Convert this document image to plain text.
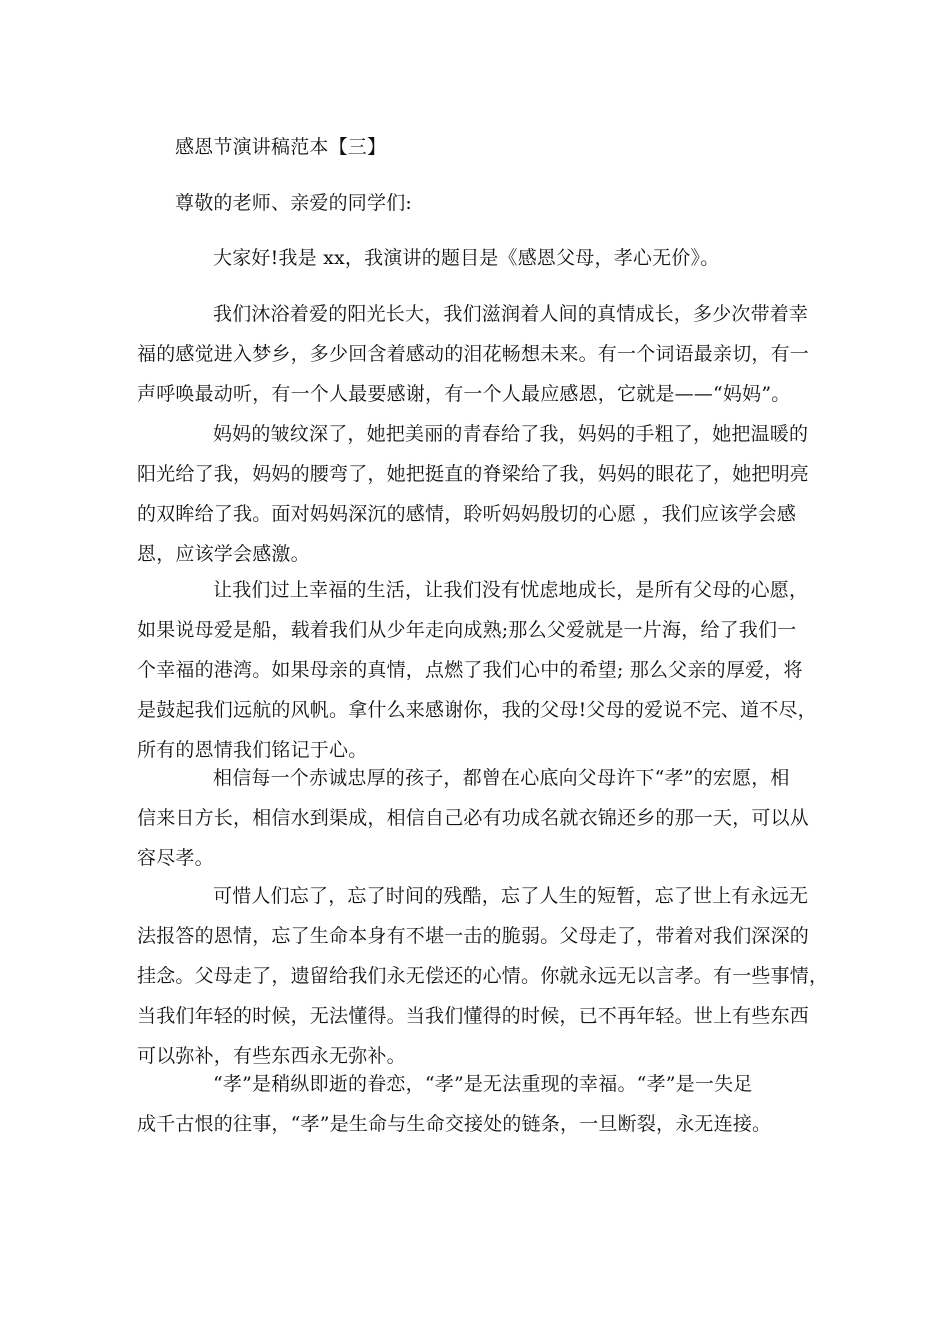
感恩节演讲稿范本【三】
尊敬的老师、亲爱的同学们:
大家好!我是 xx，我演讲的题目是《感恩父母，孝心无价》。
我们沐浴着爱的阳光长大，我们滋润着人间的真情成长，多少次带着幸
福的感觉进入梦乡，多少回含着感动的泪花畅想未来。有一个词语最亲切，有一
声呼唤最动听，有一个人最要感谢，有一个人最应感恩，它就是——“妈妈”。
妈妈的皱纹深了，她把美丽的青春给了我，妈妈的手粗了，她把温暖的
阳光给了我，妈妈的腰弯了，她把挺直的脊梁给了我，妈妈的眼花了，她把明亮
的双眸给了我。面对妈妈深沉的感情，聆听妈妈殷切的心愿 ，我们应该学会感
恩，应该学会感激。
让我们过上幸福的生活，让我们没有忧虑地成长，是所有父母的心愿，
如果说母爱是船，载着我们从少年走向成熟;那么父爱就是一片海，给了我们一
个幸福的港湾。如果母亲的真情，点燃了我们心中的希望; 那么父亲的厚爱，将
是鼓起我们远航的风帆。拿什么来感谢你，我的父母!父母的爱说不完、道不尽，
所有的恩情我们铭记于心。
相信每一个赤诚忠厚的孩子，都曾在心底向父母许下“孝”的宏愿，相
信来日方长，相信水到渠成，相信自己必有功成名就衣锦还乡的那一天，可以从
容尽孝。
可惜人们忘了，忘了时间的残酷，忘了人生的短暂，忘了世上有永远无
法报答的恩情，忘了生命本身有不堪一击的脆弱。父母走了，带着对我们深深的
挂念。父母走了，遗留给我们永无偿还的心情。你就永远无以言孝。有一些事情，
当我们年轻的时候，无法懂得。当我们懂得的时候，已不再年轻。世上有些东西
可以弥补，有些东西永无弥补。
“孝”是稍纵即逝的眷恋，“孝”是无法重现的幸福。“孝”是一失足
成千古恨的往事，“孝”是生命与生命交接处的链条，一旦断裂，永无连接。
